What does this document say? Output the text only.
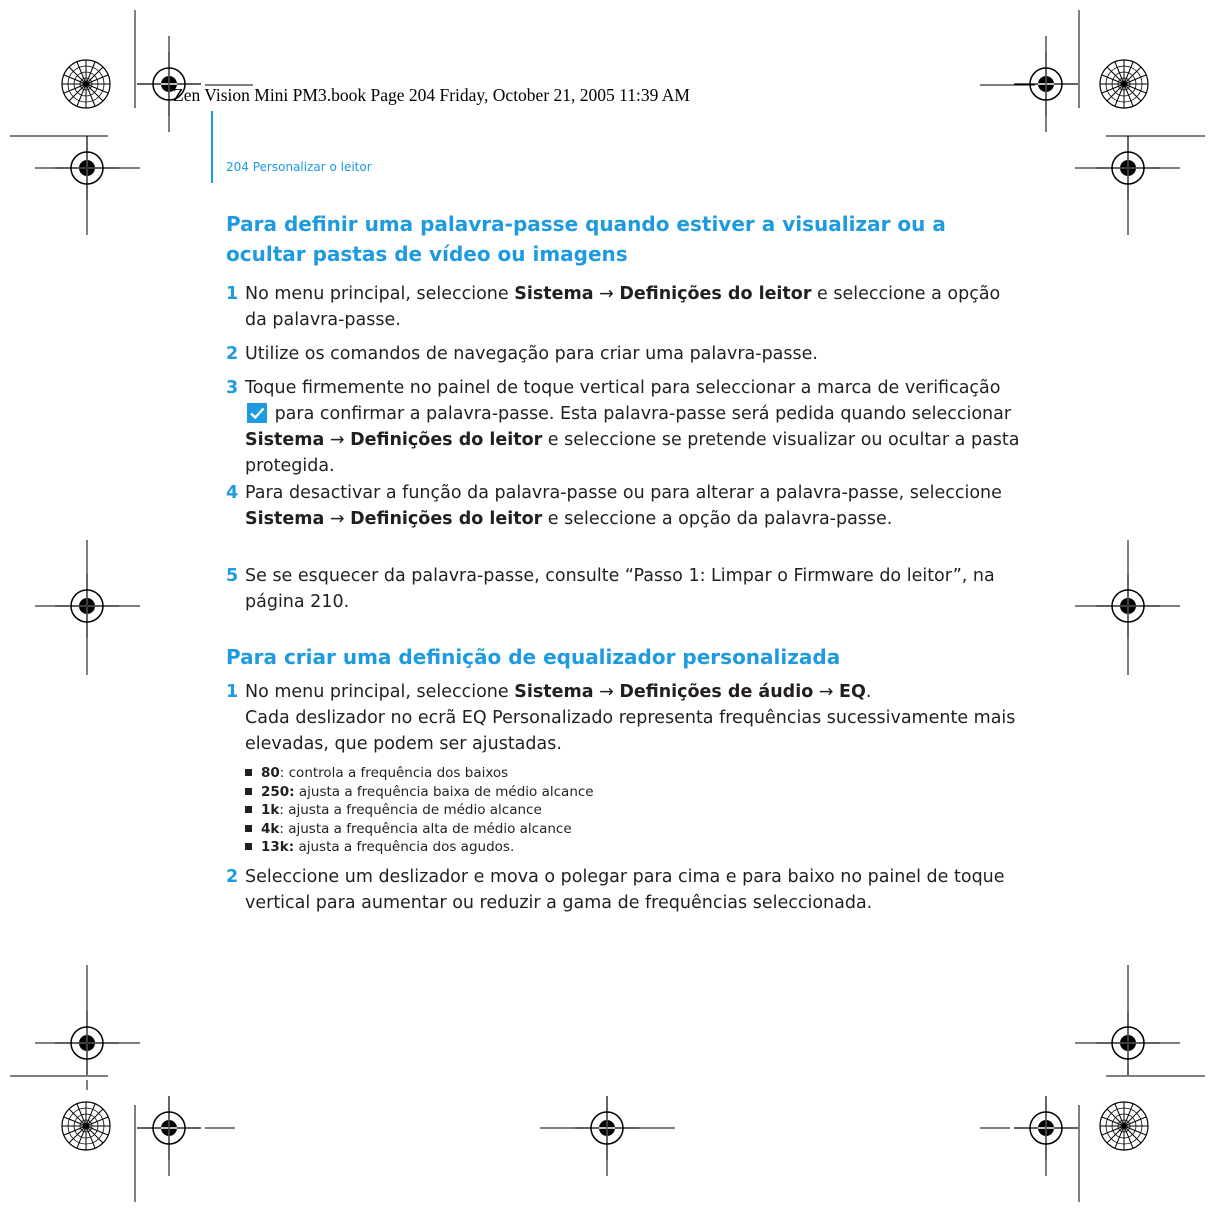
Zen Vision Mini PM3.book Page 204 Friday, October 21, 2005 11:39 AM
204 Personalizar o leitor
Para definir uma palavra-passe quando estiver a visualizar ou a
ocultar pastas de vídeo ou imagens
1 No menu principal, seleccione Sistema → Definições do leitor e seleccione a opção da palavra-passe.
2 Utilize os comandos de navegação para criar uma palavra-passe.
3 Toque firmemente no painel de toque vertical para seleccionar a marca de verificação  para confirmar a palavra-passe. Esta palavra-passe será pedida quando seleccionar Sistema → Definições do leitor e seleccione se pretende visualizar ou ocultar a pasta protegida.
4 Para desactivar a função da palavra-passe ou para alterar a palavra-passe, seleccione Sistema → Definições do leitor e seleccione a opção da palavra-passe.
5 Se se esquecer da palavra-passe, consulte “Passo 1: Limpar o Firmware do leitor”, na página 210.
Para criar uma definição de equalizador personalizada
1 No menu principal, seleccione Sistema → Definições de áudio → EQ.
Cada deslizador no ecrã EQ Personalizado representa frequências sucessivamente mais elevadas, que podem ser ajustadas.
80: controla a frequência dos baixos
250: ajusta a frequência baixa de médio alcance
1k: ajusta a frequência de médio alcance
4k: ajusta a frequência alta de médio alcance
13k: ajusta a frequência dos agudos.
2 Seleccione um deslizador e mova o polegar para cima e para baixo no painel de toque vertical para aumentar ou reduzir a gama de frequências seleccionada.
